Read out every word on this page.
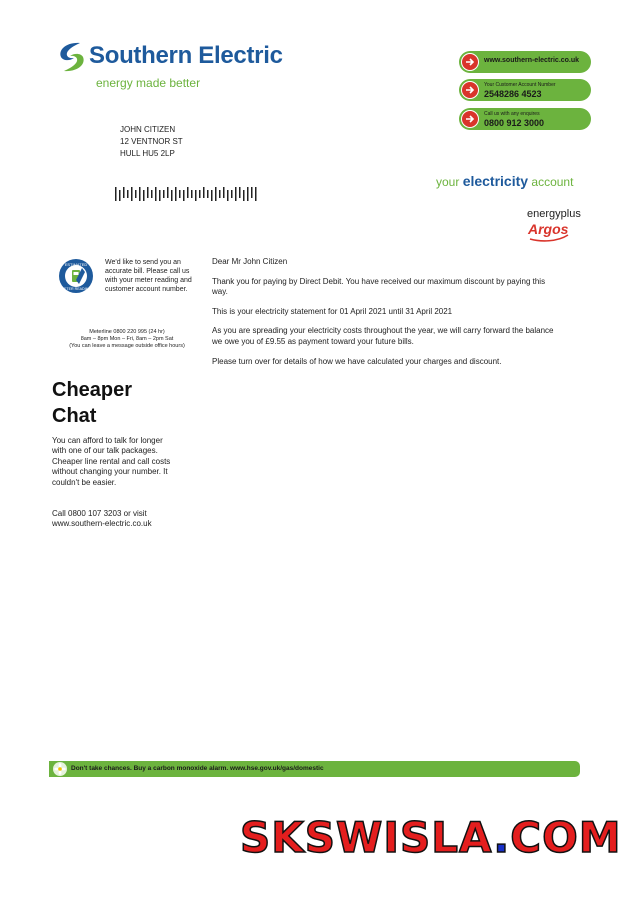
Southern Electric
energy made better
www.southern-electric.co.uk
Your Customer Account Number
2548286 4523
Call us with any enquires
0800 912 3000
JOHN CITIZEN
12 VENTNOR ST
HULL HU5 2LP
your electricity account
energyplus
Argos
ESTIMATED
METER READING
We'd like to send you an accurate bill. Please call us with your meter reading and customer account number.
Meterline 0800 220 995 (24 hr)
8am – 8pm Mon – Fri, 8am – 2pm Sat
(You can leave a message outside office hours)
Cheaper
Chat
You can afford to talk for longer with one of our talk packages. Cheaper line rental and call costs without changing your number. It couldn't be easier.
Call 0800 107 3203 or visit
www.southern-electric.co.uk

Dear Mr John Citizen

Thank you for paying by Direct Debit. You have received our maximum discount by paying this way.

This is your electricity statement for 01 April 2021 until 31 April 2021

As you are spreading your electricity costs throughout the year, we will carry forward the balance we owe you of £9.55 as payment toward your future bills.

Please turn over for details of how we have calculated your charges and discount.

Don't take chances. Buy a carbon monoxide alarm. www.hse.gov.uk/gas/domestic
SKSWISLA.COM
